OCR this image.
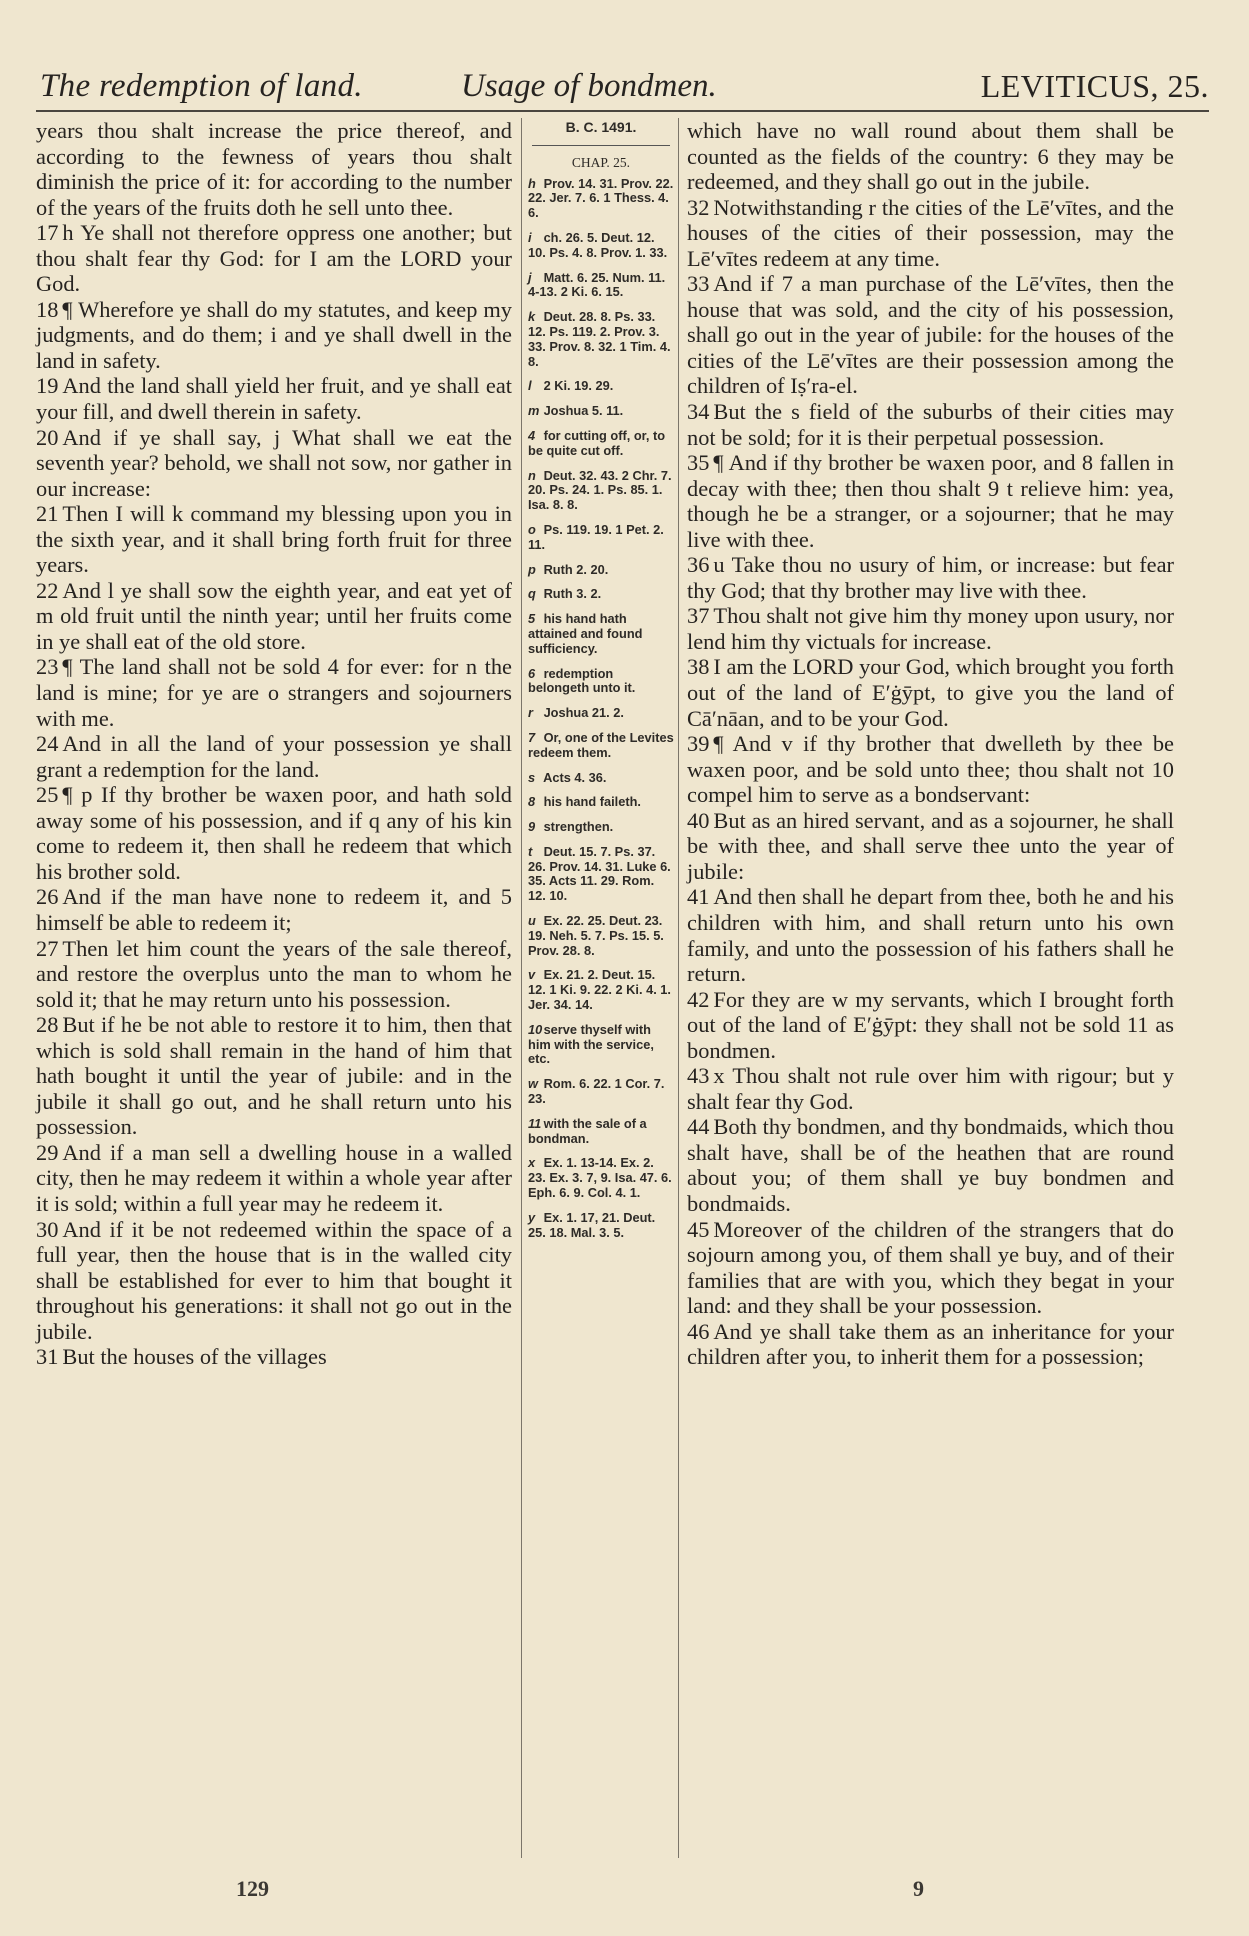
The redemption of land.	Usage of bondmen.	LEVITICUS, 25.

years thou shalt increase the price thereof, and according to the fewness of years thou shalt diminish the price of it: for according to the number of the years of the fruits doth he sell unto thee.

17 h Ye shall not therefore oppress one another; but thou shalt fear thy God: for I am the LORD your God.

18 ¶ Wherefore ye shall do my statutes, and keep my judgments, and do them; i and ye shall dwell in the land in safety.

19 And the land shall yield her fruit, and ye shall eat your fill, and dwell therein in safety.

20 And if ye shall say, j What shall we eat the seventh year? behold, we shall not sow, nor gather in our increase:

21 Then I will k command my blessing upon you in the sixth year, and it shall bring forth fruit for three years.

22 And l ye shall sow the eighth year, and eat yet of m old fruit until the ninth year; until her fruits come in ye shall eat of the old store.

23 ¶ The land shall not be sold 4 for ever: for n the land is mine; for ye are o strangers and sojourners with me.

24 And in all the land of your possession ye shall grant a redemption for the land.

25 ¶ p If thy brother be waxen poor, and hath sold away some of his possession, and if q any of his kin come to redeem it, then shall he redeem that which his brother sold.

26 And if the man have none to redeem it, and 5 himself be able to redeem it;

27 Then let him count the years of the sale thereof, and restore the overplus unto the man to whom he sold it; that he may return unto his possession.

28 But if he be not able to restore it to him, then that which is sold shall remain in the hand of him that hath bought it until the year of jubile: and in the jubile it shall go out, and he shall return unto his possession.

29 And if a man sell a dwelling house in a walled city, then he may redeem it within a whole year after it is sold; within a full year may he redeem it.

30 And if it be not redeemed within the space of a full year, then the house that is in the walled city shall be established for ever to him that bought it throughout his generations: it shall not go out in the jubile.

31 But the houses of the villages

B. C. 1491.
CHAP. 25.
h Prov. 14. 31. Prov. 22. 22. Jer. 7. 6. 1 Thess. 4. 6.
i ch. 26. 5. Deut. 12. 10. Ps. 4. 8. Prov. 1. 33.
j Matt. 6. 25. Num. 11. 4-13. 2 Ki. 6. 15.
k Deut. 28. 8. Ps. 33. 12. Ps. 119. 2. Prov. 3. 33. Prov. 8. 32. 1 Tim. 4. 8.
l 2 Ki. 19. 29.
m Joshua 5. 11.
4 for cutting off, or, to be quite cut off.
n Deut. 32. 43. 2 Chr. 7. 20. Ps. 24. 1. Ps. 85. 1. Isa. 8. 8.
o Ps. 119. 19. 1 Pet. 2. 11.
p Ruth 2. 20.
q Ruth 3. 2.
5 his hand hath attained and found sufficiency.
6 redemption belongeth unto it.
r Joshua 21. 2.
7 Or, one of the Levites redeem them.
s Acts 4. 36.
8 his hand faileth.
9 strengthen.
t Deut. 15. 7. Ps. 37. 26. Prov. 14. 31. Luke 6. 35. Acts 11. 29. Rom. 12. 10.
u Ex. 22. 25. Deut. 23. 19. Neh. 5. 7. Ps. 15. 5. Prov. 28. 8.
v Ex. 21. 2. Deut. 15. 12. 1 Ki. 9. 22. 2 Ki. 4. 1. Jer. 34. 14.
10 serve thyself with him with the service, etc.
w Rom. 6. 22. 1 Cor. 7. 23.
11 with the sale of a bondman.
x Ex. 1. 13-14. Ex. 2. 23. Ex. 3. 7, 9. Isa. 47. 6. Eph. 6. 9. Col. 4. 1.
y Ex. 1. 17, 21. Deut. 25. 18. Mal. 3. 5.

which have no wall round about them shall be counted as the fields of the country: 6 they may be redeemed, and they shall go out in the jubile.

32 Notwithstanding r the cities of the Lē′vītes, and the houses of the cities of their possession, may the Lē′vītes redeem at any time.

33 And if 7 a man purchase of the Lē′vītes, then the house that was sold, and the city of his possession, shall go out in the year of jubile: for the houses of the cities of the Lē′vītes are their possession among the children of Iṣ′ra-el.

34 But the s field of the suburbs of their cities may not be sold; for it is their perpetual possession.

35 ¶ And if thy brother be waxen poor, and 8 fallen in decay with thee; then thou shalt 9 t relieve him: yea, though he be a stranger, or a sojourner; that he may live with thee.

36 u Take thou no usury of him, or increase: but fear thy God; that thy brother may live with thee.

37 Thou shalt not give him thy money upon usury, nor lend him thy victuals for increase.

38 I am the LORD your God, which brought you forth out of the land of E′ġȳpt, to give you the land of Cā′nāan, and to be your God.

39 ¶ And v if thy brother that dwelleth by thee be waxen poor, and be sold unto thee; thou shalt not 10 compel him to serve as a bondservant:

40 But as an hired servant, and as a sojourner, he shall be with thee, and shall serve thee unto the year of jubile:

41 And then shall he depart from thee, both he and his children with him, and shall return unto his own family, and unto the possession of his fathers shall he return.

42 For they are w my servants, which I brought forth out of the land of E′ġȳpt: they shall not be sold 11 as bondmen.

43 x Thou shalt not rule over him with rigour; but y shalt fear thy God.

44 Both thy bondmen, and thy bondmaids, which thou shalt have, shall be of the heathen that are round about you; of them shall ye buy bondmen and bondmaids.

45 Moreover of the children of the strangers that do sojourn among you, of them shall ye buy, and of their families that are with you, which they begat in your land: and they shall be your possession.

46 And ye shall take them as an inheritance for your children after you, to inherit them for a possession;

129	9
